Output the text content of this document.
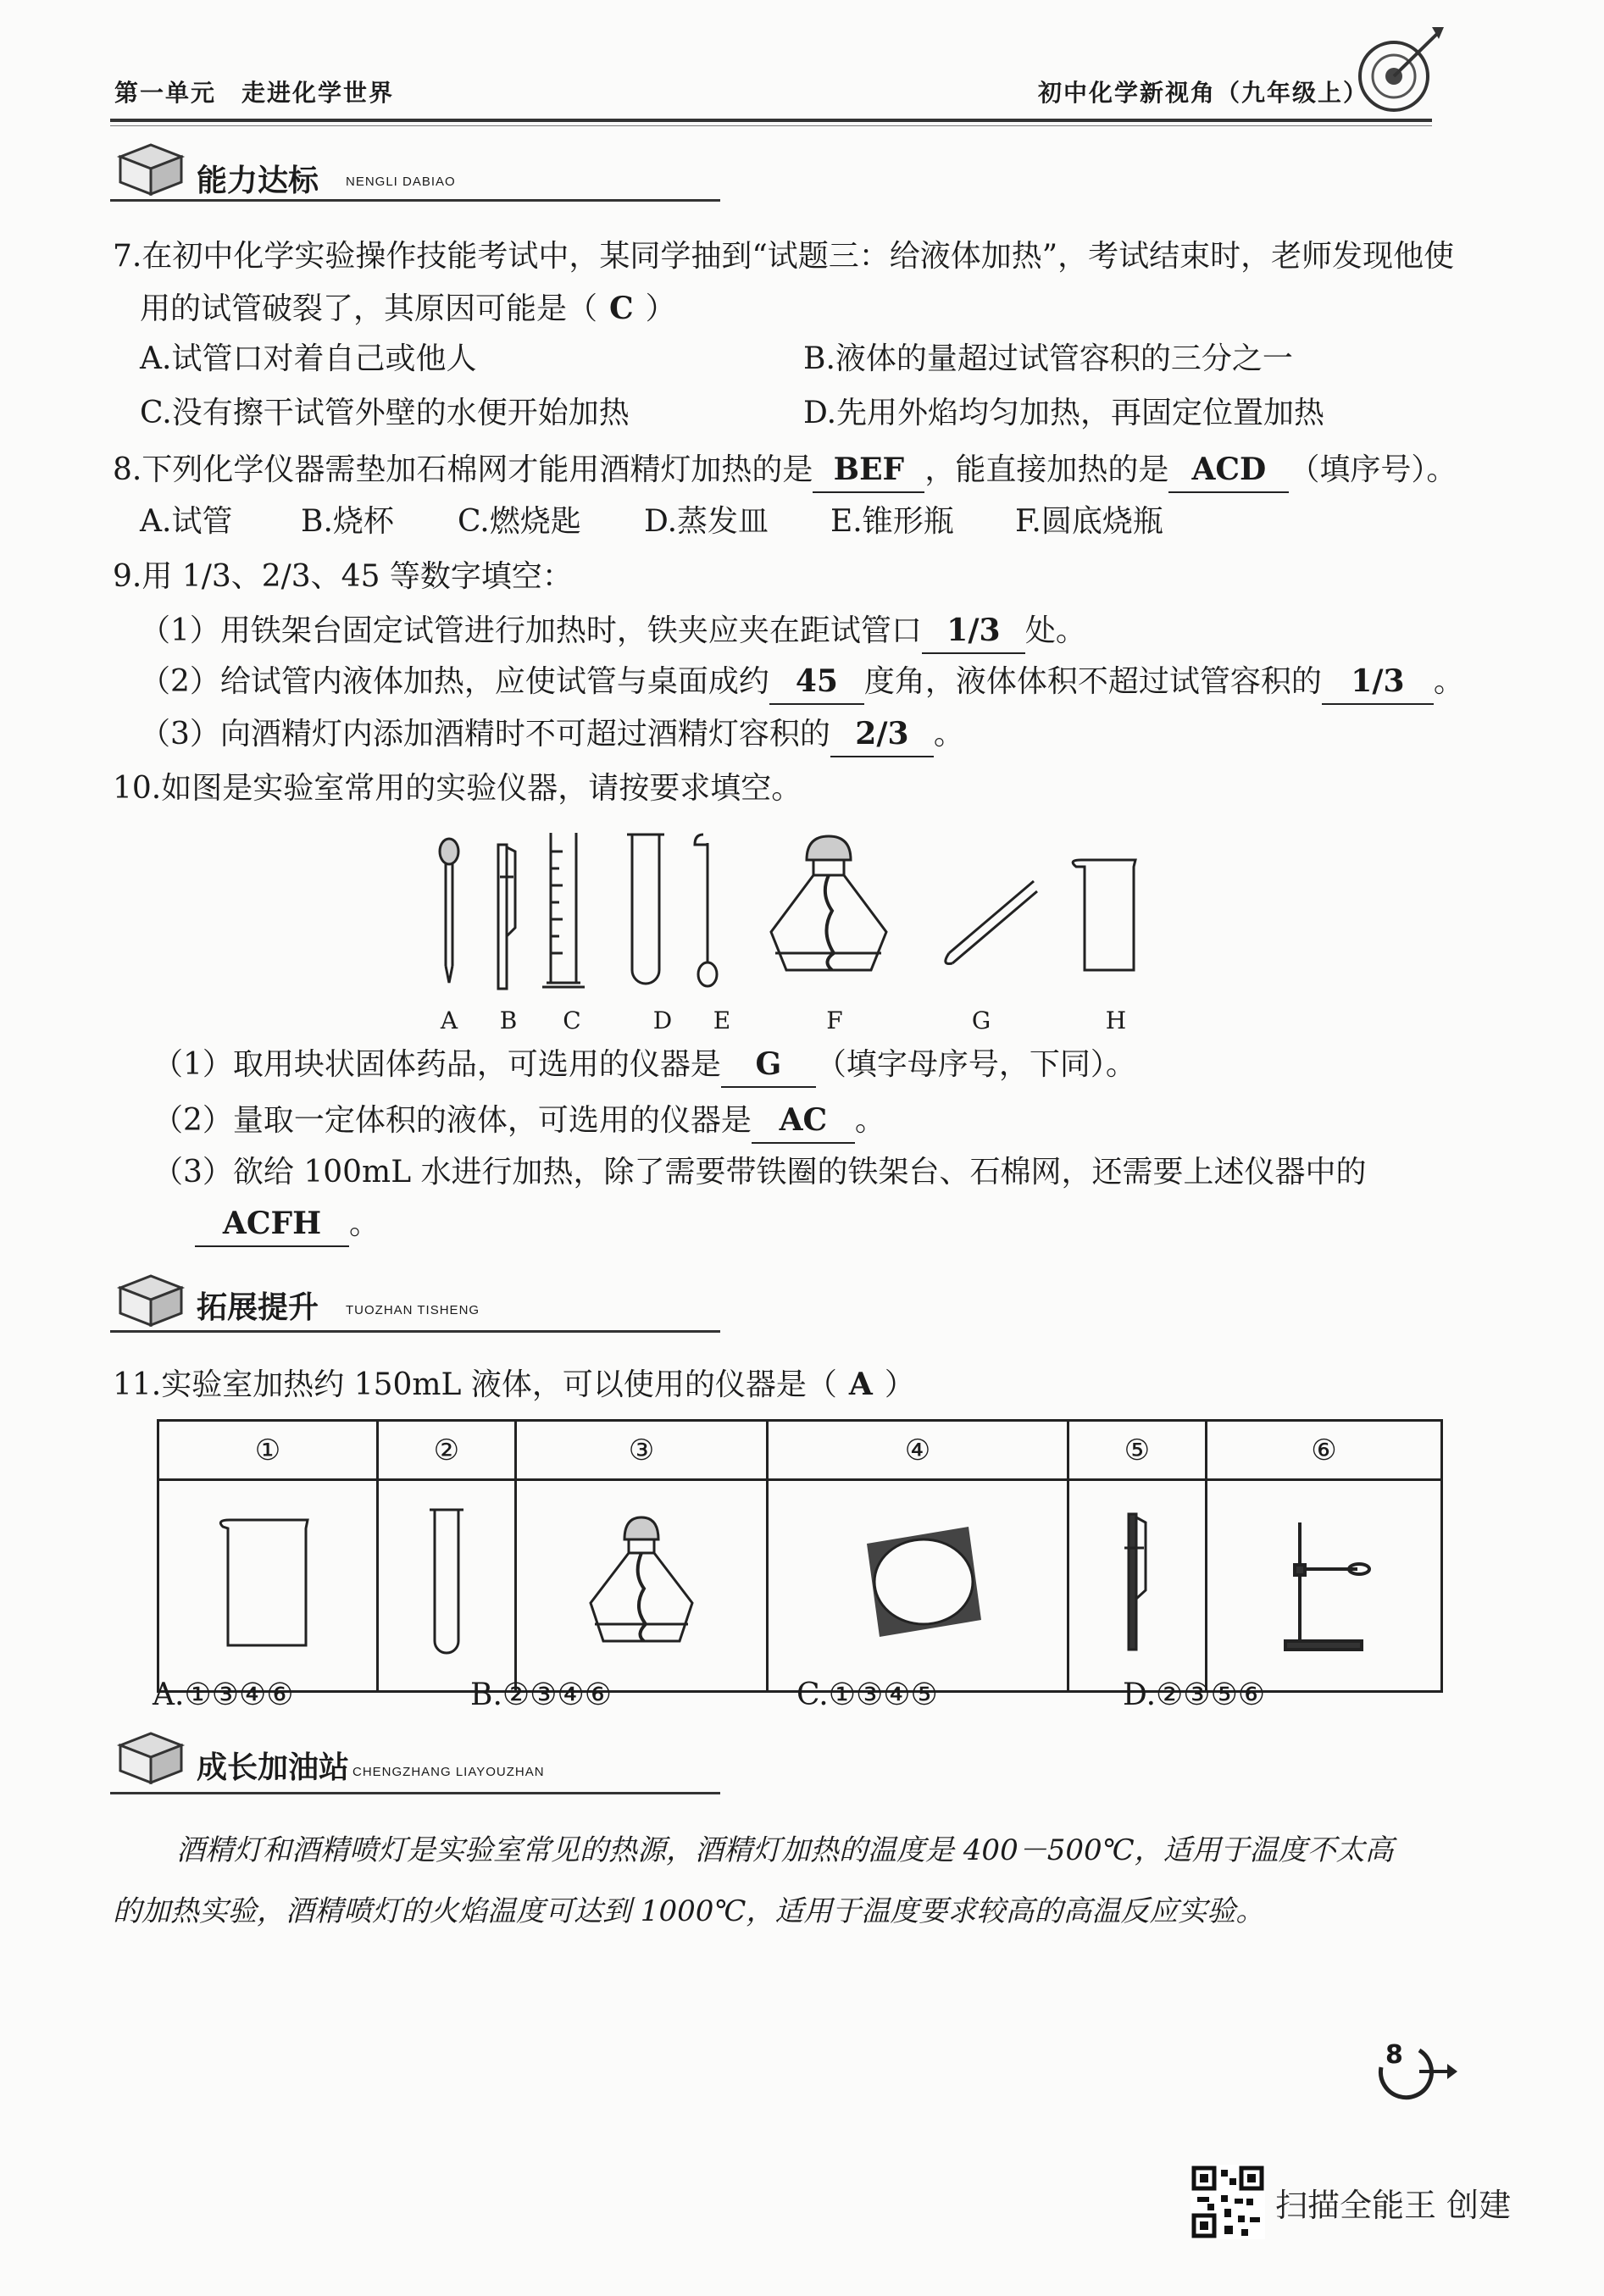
第一单元　走进化学世界	初中化学新视角（九年级上）
能力达标 NENGLI DABIAO
7.在初中化学实验操作技能考试中，某同学抽到“试题三：给液体加热”，考试结束时，老师发现他使
用的试管破裂了，其原因可能是（ C ）
A.试管口对着自己或他人	B.液体的量超过试管容积的三分之一
C.没有擦干试管外壁的水便开始加热	D.先用外焰均匀加热，再固定位置加热
8.下列化学仪器需垫加石棉网才能用酒精灯加热的是 BEF ，能直接加热的是 ACD （填序号）。
A.试管 B.烧杯 C.燃烧匙 D.蒸发皿 E.锥形瓶 F.圆底烧瓶
9.用 1/3、2/3、45 等数字填空：
（1）用铁架台固定试管进行加热时，铁夹应夹在距试管口 1/3 处。
（2）给试管内液体加热，应使试管与桌面成约 45 度角，液体体积不超过试管容积的 1/3 。
（3）向酒精灯内添加酒精时不可超过酒精灯容积的 2/3 。
10.如图是实验室常用的实验仪器，请按要求填空。
A	B	C	D	E	F	G	H
（1）取用块状固体药品，可选用的仪器是 G （填字母序号，下同）。
（2）量取一定体积的液体，可选用的仪器是 AC 。
（3）欲给 100mL 水进行加热，除了需要带铁圈的铁架台、石棉网，还需要上述仪器中的
ACFH 。
拓展提升 TUOZHAN TISHENG
11.实验室加热约 150mL 液体，可以使用的仪器是（ A ）
①	②	③	④	⑤	⑥

A.①③④⑥	B.②③④⑥	C.①③④⑤	D.②③⑤⑥
成长加油站 CHENGZHANG LIAYOUZHAN
酒精灯和酒精喷灯是实验室常见的热源，酒精灯加热的温度是 400－500℃，适用于温度不太高
的加热实验，酒精喷灯的火焰温度可达到 1000℃，适用于温度要求较高的高温反应实验。
8
扫描全能王 创建
